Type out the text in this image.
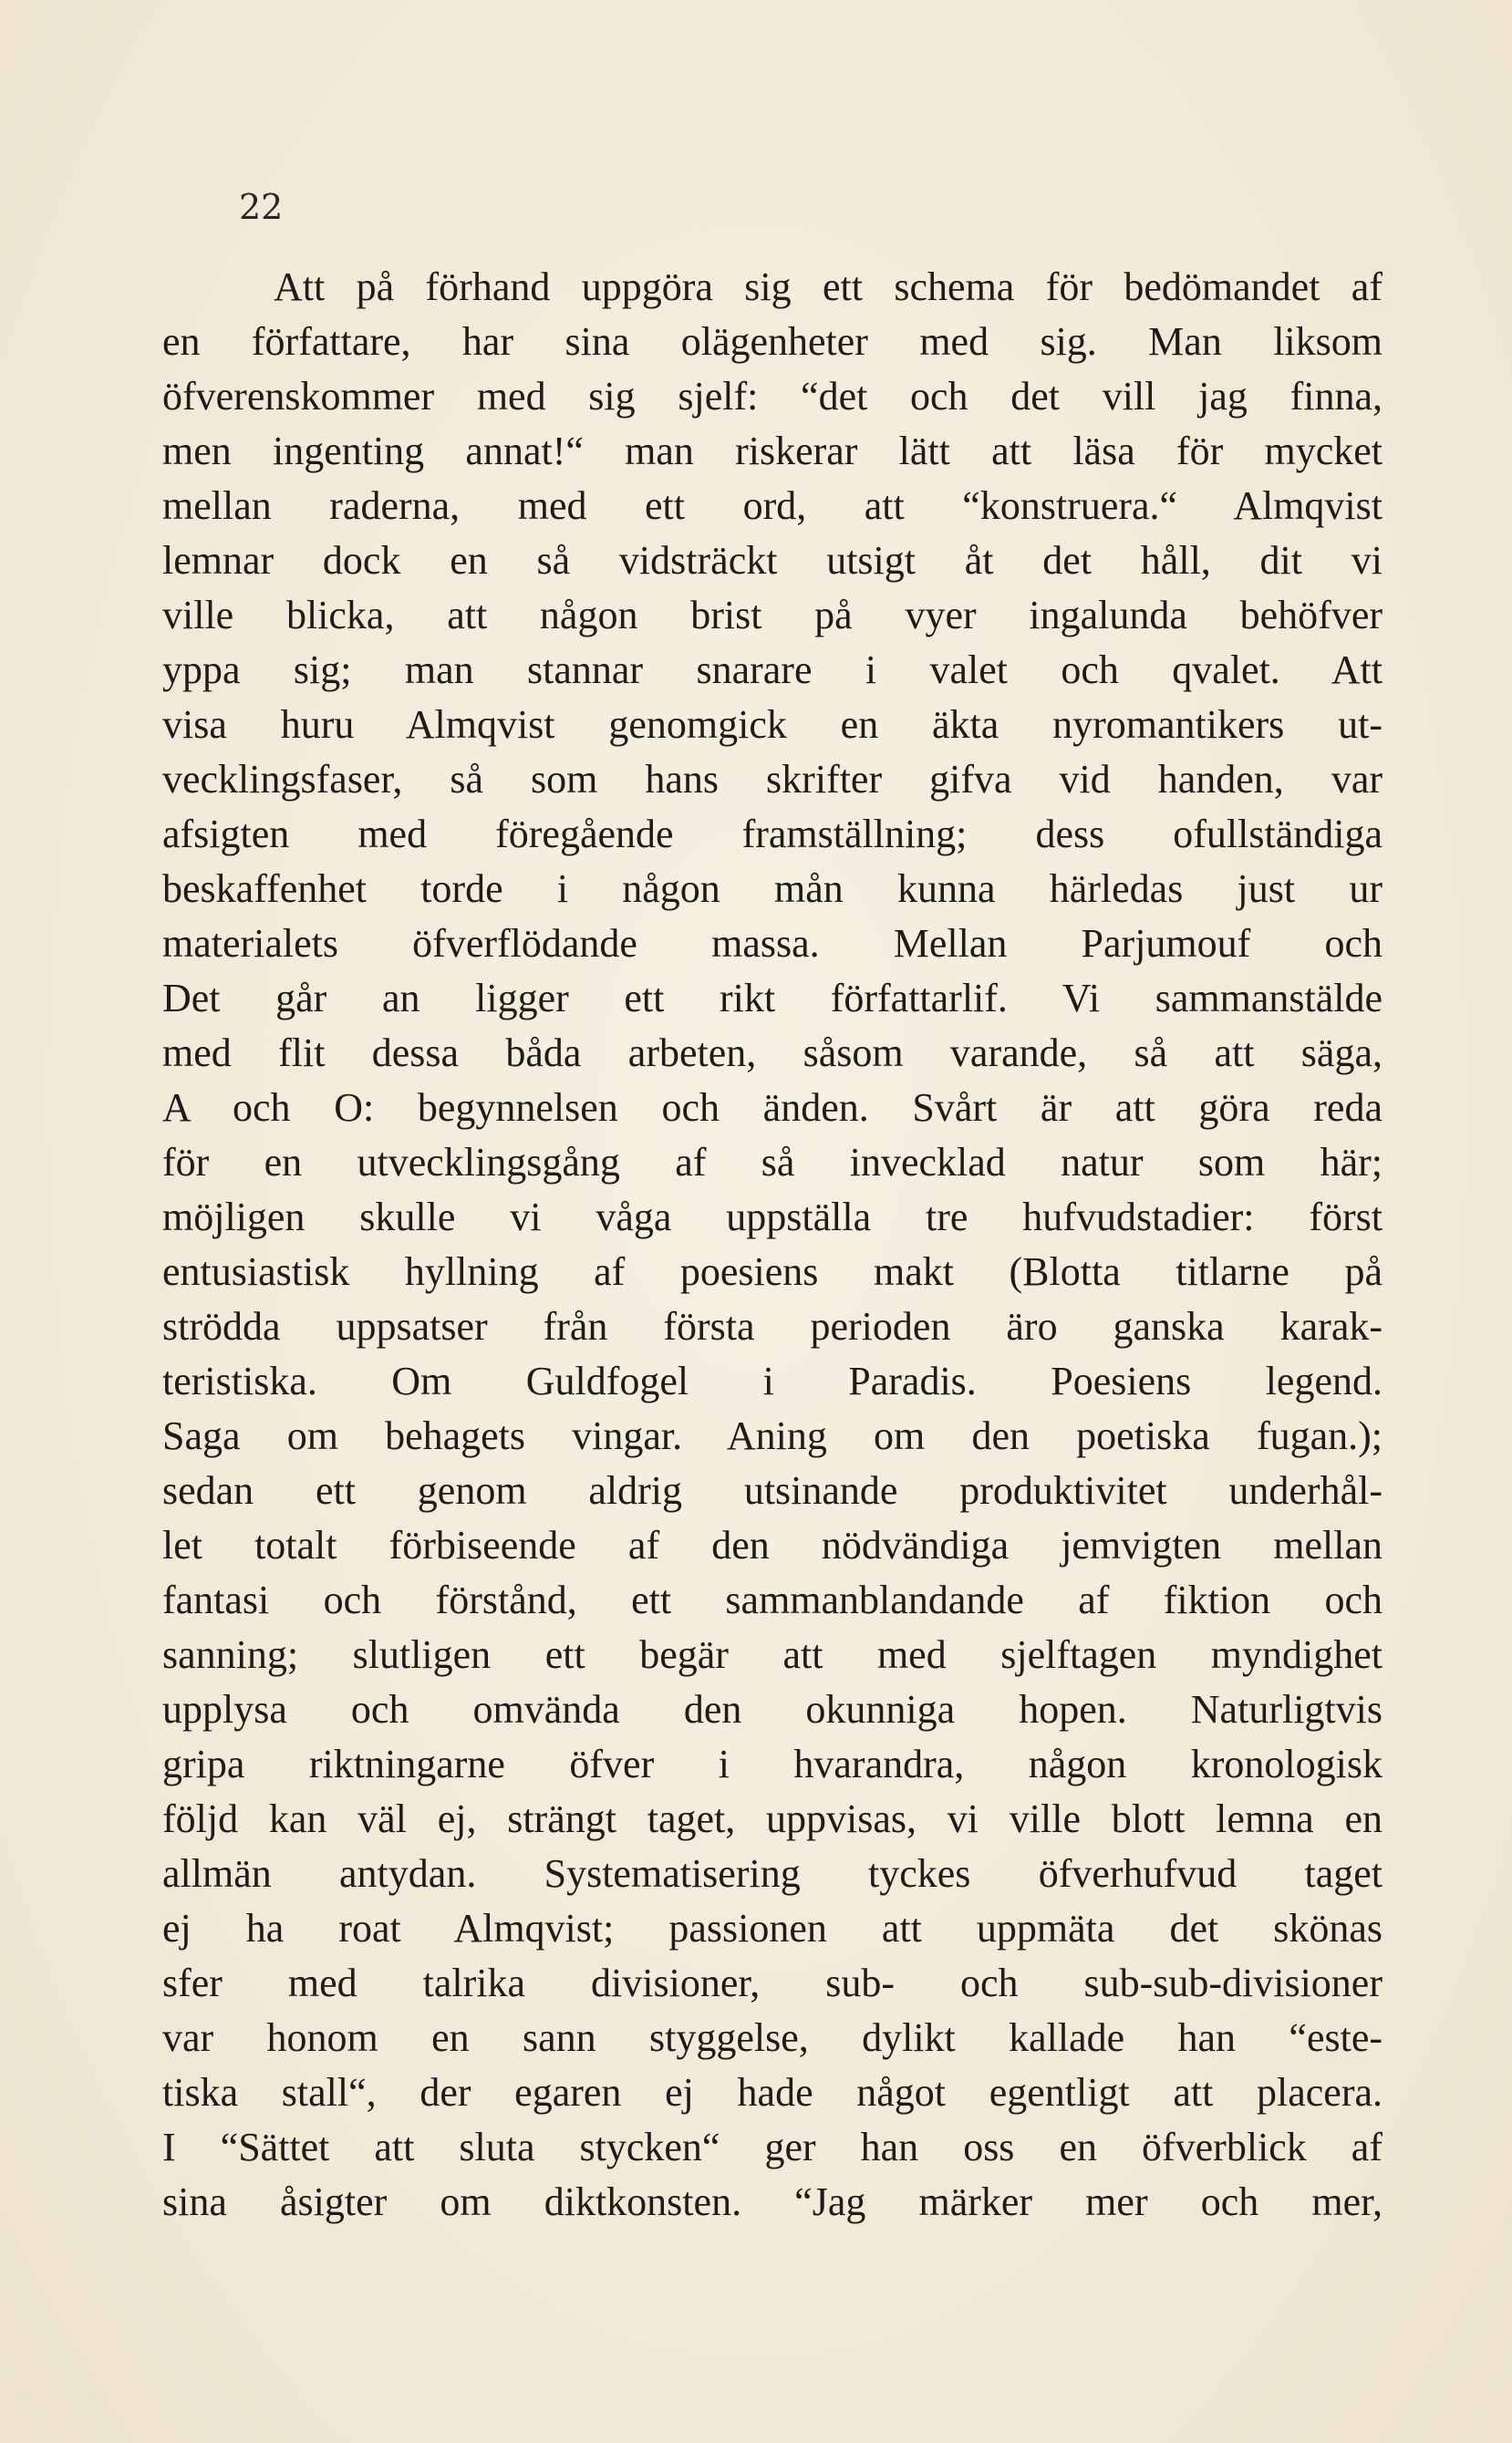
22
Att på förhand uppgöra sig ett schema för bedömandet af
en författare, har sina olägenheter med sig. Man liksom
öfverenskommer med sig sjelf: “det och det vill jag finna,
men ingenting annat!“ man riskerar lätt att läsa för mycket
mellan raderna, med ett ord, att “konstruera.“ Almqvist
lemnar dock en så vidsträckt utsigt åt det håll, dit vi
ville blicka, att någon brist på vyer ingalunda behöfver
yppa sig; man stannar snarare i valet och qvalet. Att
visa huru Almqvist genomgick en äkta nyromantikers ut-
vecklingsfaser, så som hans skrifter gifva vid handen, var
afsigten med föregående framställning; dess ofullständiga
beskaffenhet torde i någon mån kunna härledas just ur
materialets öfverflödande massa. Mellan Parjumouf och
Det går an ligger ett rikt författarlif. Vi sammanstälde
med flit dessa båda arbeten, såsom varande, så att säga,
A och O: begynnelsen och änden. Svårt är att göra reda
för en utvecklingsgång af så invecklad natur som här;
möjligen skulle vi våga uppställa tre hufvudstadier: först
entusiastisk hyllning af poesiens makt (Blotta titlarne på
strödda uppsatser från första perioden äro ganska karak-
teristiska. Om Guldfogel i Paradis. Poesiens legend.
Saga om behagets vingar. Aning om den poetiska fugan.);
sedan ett genom aldrig utsinande produktivitet underhål-
let totalt förbiseende af den nödvändiga jemvigten mellan
fantasi och förstånd, ett sammanblandande af fiktion och
sanning; slutligen ett begär att med sjelftagen myndighet
upplysa och omvända den okunniga hopen. Naturligtvis
gripa riktningarne öfver i hvarandra, någon kronologisk
följd kan väl ej, strängt taget, uppvisas, vi ville blott lemna en
allmän antydan. Systematisering tyckes öfverhufvud taget
ej ha roat Almqvist; passionen att uppmäta det skönas
sfer med talrika divisioner, sub- och sub-sub-divisioner
var honom en sann styggelse, dylikt kallade han “este-
tiska stall“, der egaren ej hade något egentligt att placera.
I “Sättet att sluta stycken“ ger han oss en öfverblick af
sina åsigter om diktkonsten. “Jag märker mer och mer,
